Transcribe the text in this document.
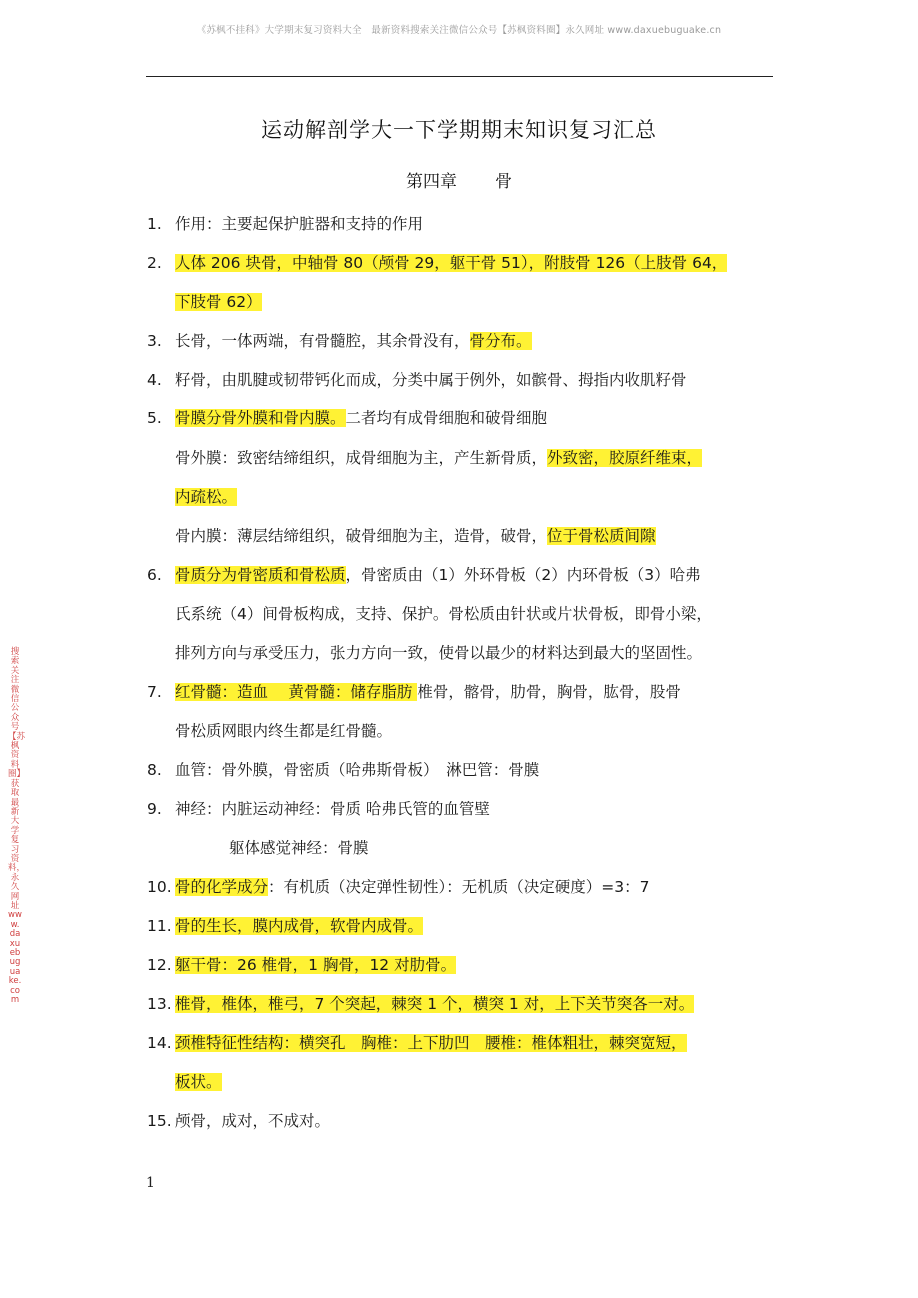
《苏枫不挂科》大学期末复习资料大全　最新资料搜索关注微信公众号【苏枫资料圈】永久网址 www.daxuebuguake.cn
运动解剖学大一下学期期末知识复习汇总
第四章 骨
1. 作用：主要起保护脏器和支持的作用
2. 人体 206 块骨，中轴骨 80（颅骨 29，躯干骨 51），附肢骨 126（上肢骨 64，
下肢骨 62）
3. 长骨，一体两端，有骨髓腔，其余骨没有，骨分布。
4. 籽骨，由肌腱或韧带钙化而成，分类中属于例外，如髌骨、拇指内收肌籽骨
5. 骨膜分骨外膜和骨内膜。二者均有成骨细胞和破骨细胞
骨外膜：致密结缔组织，成骨细胞为主，产生新骨质，外致密，胶原纤维束，
内疏松。
骨内膜：薄层结缔组织，破骨细胞为主，造骨，破骨，位于骨松质间隙
6. 骨质分为骨密质和骨松质，骨密质由（1）外环骨板（2）内环骨板（3）哈弗
氏系统（4）间骨板构成，支持、保护。骨松质由针状或片状骨板，即骨小梁，
排列方向与承受压力，张力方向一致，使骨以最少的材料达到最大的坚固性。
7. 红骨髓：造血　 黄骨髓：储存脂肪 椎骨，髂骨，肋骨，胸骨，肱骨，股骨
骨松质网眼内终生都是红骨髓。
8. 血管：骨外膜，骨密质（哈弗斯骨板）　淋巴管：骨膜
9. 神经：内脏运动神经：骨质 哈弗氏管的血管壁
躯体感觉神经：骨膜
10. 骨的化学成分：有机质（决定弹性韧性）：无机质（决定硬度）=3：7
11. 骨的生长，膜内成骨，软骨内成骨。
12. 躯干骨：26 椎骨，1 胸骨，12 对肋骨。
13. 椎骨，椎体，椎弓，7 个突起，棘突 1 个，横突 1 对，上下关节突各一对。
14. 颈椎特征性结构：横突孔　胸椎：上下肋凹　腰椎：椎体粗壮，棘突宽短，
板状。
15. 颅骨，成对，不成对。
搜索关注微信公众号【苏枫资料圈】 获取最新大学复习资料，永久网址 www.daxuebuguake.com
1
